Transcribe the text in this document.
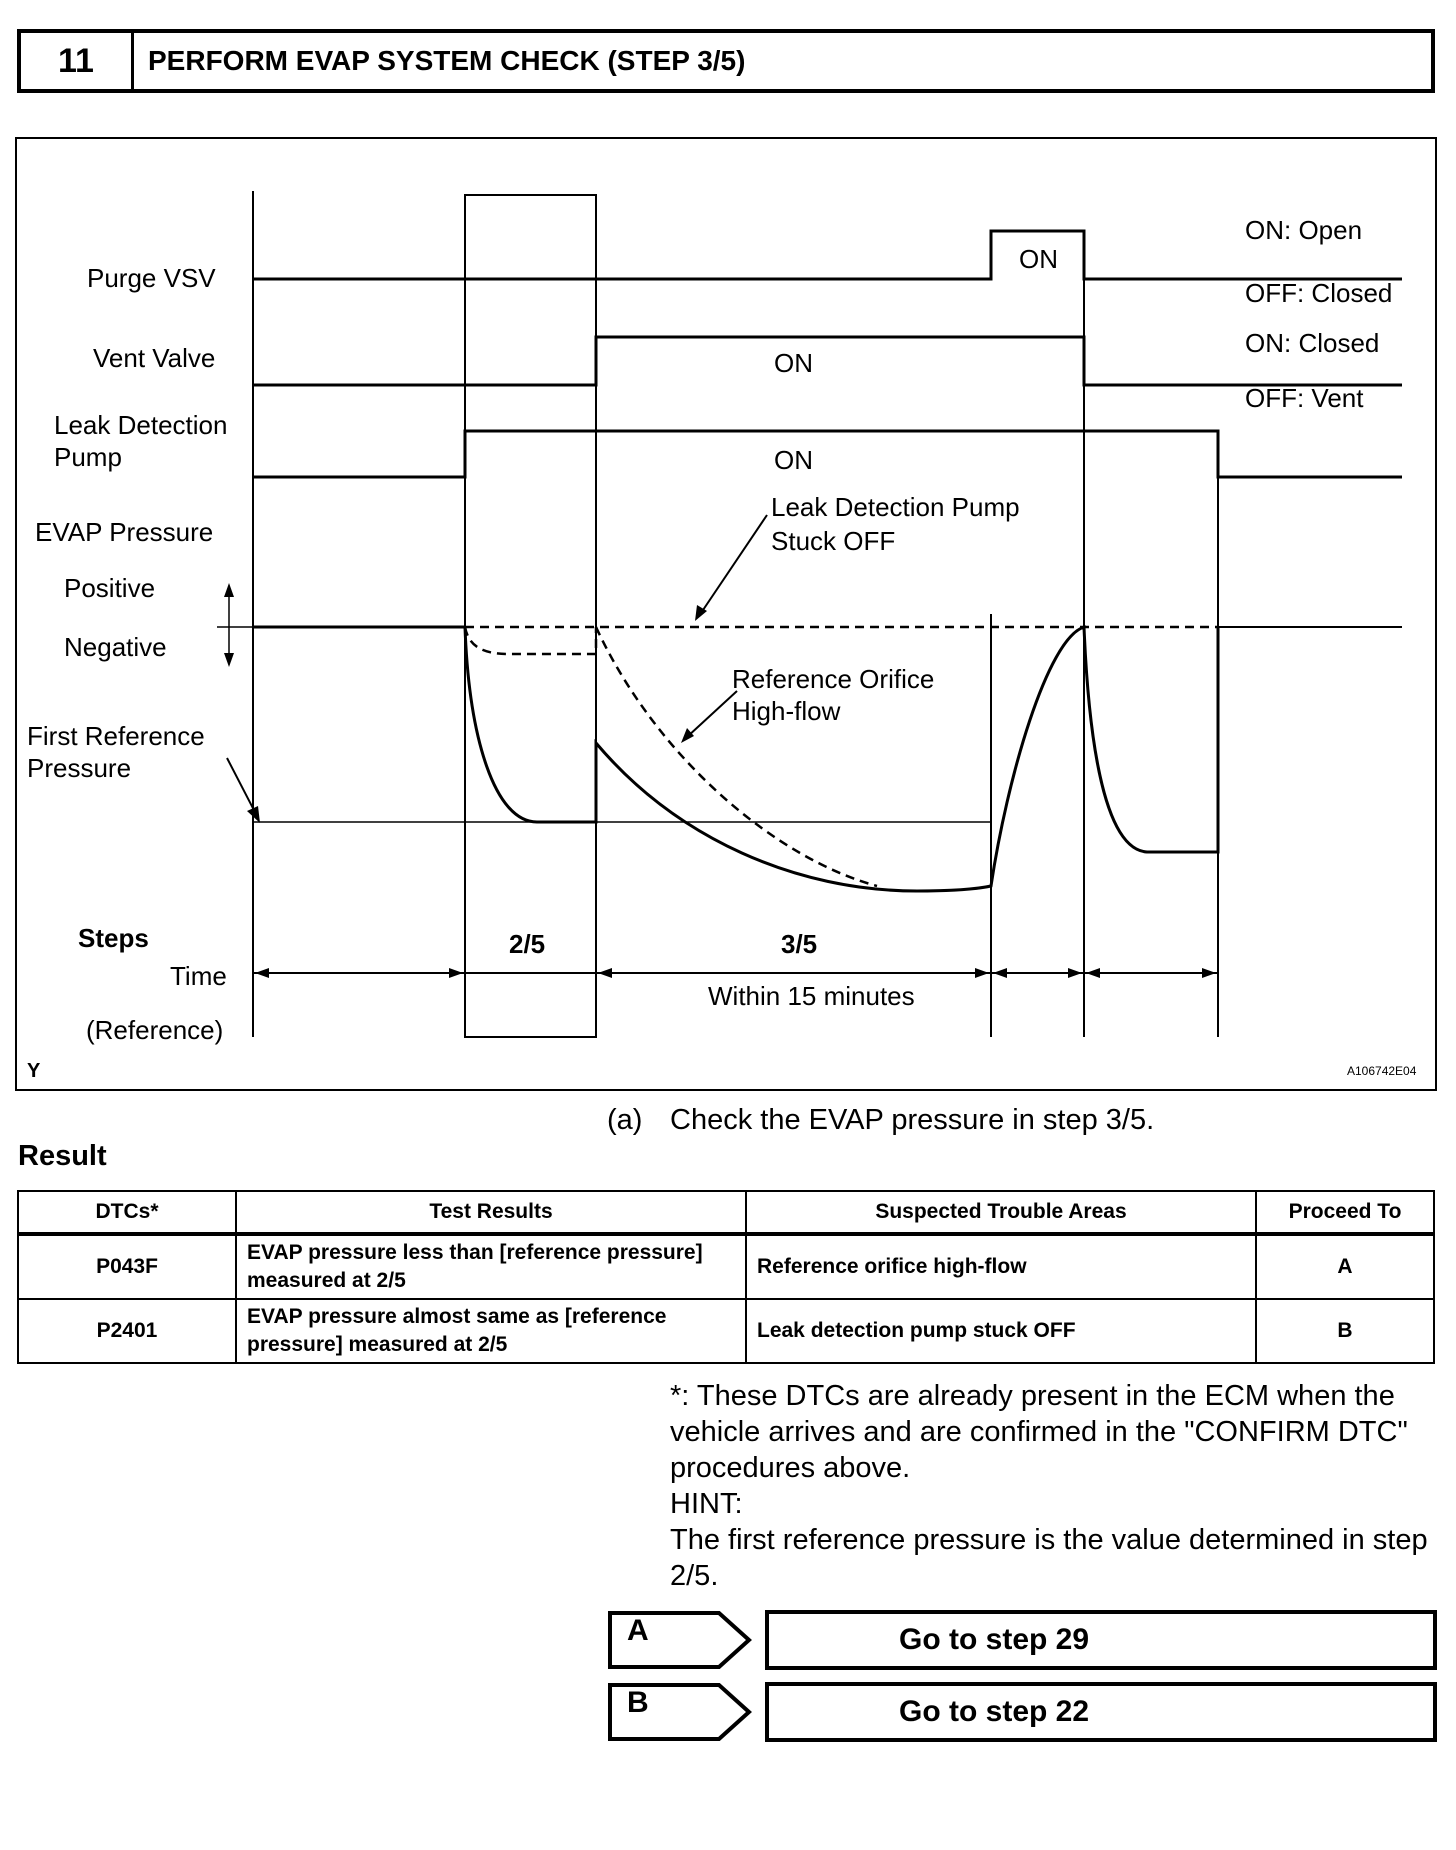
11	PERFORM EVAP SYSTEM CHECK (STEP 3/5)
Purge VSV
Vent Valve
Leak Detection
Pump
EVAP Pressure
Positive
Negative
First Reference
Pressure
Steps
Time
(Reference)
ON: Open
OFF: Closed
ON: Closed
OFF: Vent
ON
ON
ON
Leak Detection Pump
Stuck OFF
Reference Orifice
High-flow
2/5	3/5
Within 15 minutes
Y	A106742E04
(a) Check the EVAP pressure in step 3/5.
Result
DTCs*	Test Results	Suspected Trouble Areas	Proceed To
P043F	EVAP pressure less than [reference pressure] measured at 2/5	Reference orifice high-flow	A
P2401	EVAP pressure almost same as [reference pressure] measured at 2/5	Leak detection pump stuck OFF	B

*: These DTCs are already present in the ECM when the vehicle arrives and are confirmed in the "CONFIRM DTC" procedures above.

HINT:

The first reference pressure is the value determined in step 2/5.

A	Go to step 29
B	Go to step 22
